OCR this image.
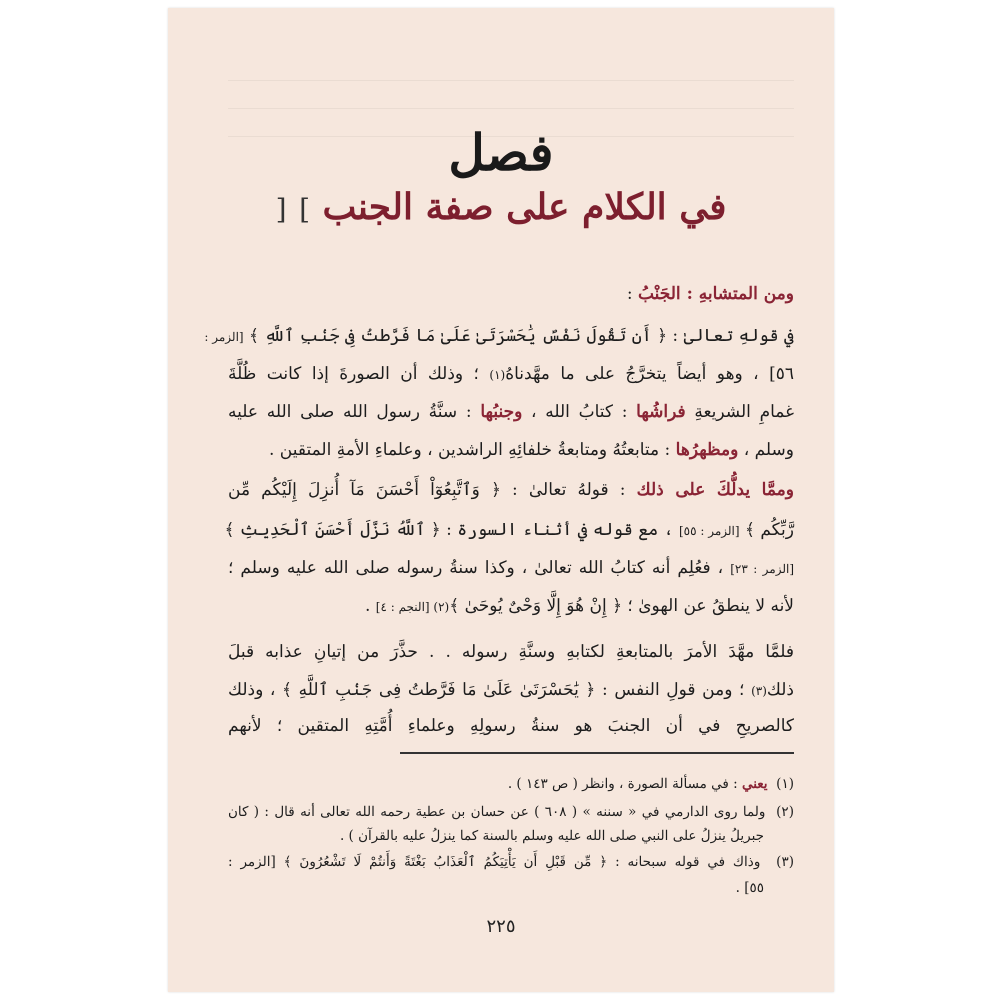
فصل
في الكلام على صفة الجنب ] [
ومن المتشابهِ : الجَنْبُ :
في قولهِ تعالىٰ : ﴿ أَن تَقُولَ نَفْسٌ يَٰحَسْرَتَىٰ عَلَىٰ مَا فَرَّطتُ فِى جَنۢبِ ٱللَّهِ ﴾ [الزمر :
٥٦] ، وهو أيضاً يتخرَّجُ على ما مهَّدناهُ(١) ؛ وذلك أن الصورةَ إذا كانت ظُلَّةَ
غمامِ الشريعةِ فراشُها : كتابُ الله ، وجنبُها : سنَّةُ رسول الله صلى الله عليه
وسلم ، ومظهرُها : متابعتُهُ ومتابعةُ خلفائِهِ الراشدين ، وعلماءِ الأمةِ المتقين .
وممَّا يدلُّكَ على ذلك : قولهُ تعالىٰ : ﴿ وَٱتَّبِعُوٓاْ أَحْسَنَ مَآ أُنزِلَ إِلَيْكُم مِّن
رَّبِّكُم ﴾ [الزمر : ٥٥] ، مع قوله في أثناء السورة : ﴿ ٱللَّهُ نَزَّلَ أَحْسَنَ ٱلْحَدِيثِ ﴾
[الزمر : ٢٣] ، فعُلِم أنه كتابُ الله تعالىٰ ، وكذا سنةُ رسوله صلى الله عليه وسلم ؛
لأنه لا ينطقُ عن الهوىٰ ؛ ﴿ إِنْ هُوَ إِلَّا وَحْىٌ يُوحَىٰ ﴾(٢) [النجم : ٤] .
فلمَّا مهَّدَ الأمرَ بالمتابعةِ لكتابهِ وسنَّةِ رسوله . . حذَّرَ من إتيانِ عذابه قبلَ
ذلك(٣) ؛ ومن قولِ النفس : ﴿ يَٰحَسْرَتَىٰ عَلَىٰ مَا فَرَّطتُ فِى جَنۢبِ ٱللَّهِ ﴾ ، وذلك
كالصريحِ في أن الجنبَ هو سنةُ رسولِهِ وعلماءِ أُمَّتِهِ المتقين ؛ لأنهم
(١)  يعني : في مسألة الصورة ، وانظر ( ص ١٤٣ ) .
(٢)  ولما روى الدارمي في « سننه » ( ٦٠٨ ) عن حسان بن عطية رحمه الله تعالى أنه قال : ( كان
جبريلُ ينزلُ على النبي صلى الله عليه وسلم بالسنة كما ينزلُ عليه بالقرآن ) .
(٣)  وذاك في قوله سبحانه : ﴿ مِّن قَبْلِ أَن يَأْتِيَكُمُ ٱلْعَذَابُ بَغْتَةً وَأَنتُمْ لَا تَشْعُرُونَ ﴾ [الزمر :
٥٥] .
٢٢٥
